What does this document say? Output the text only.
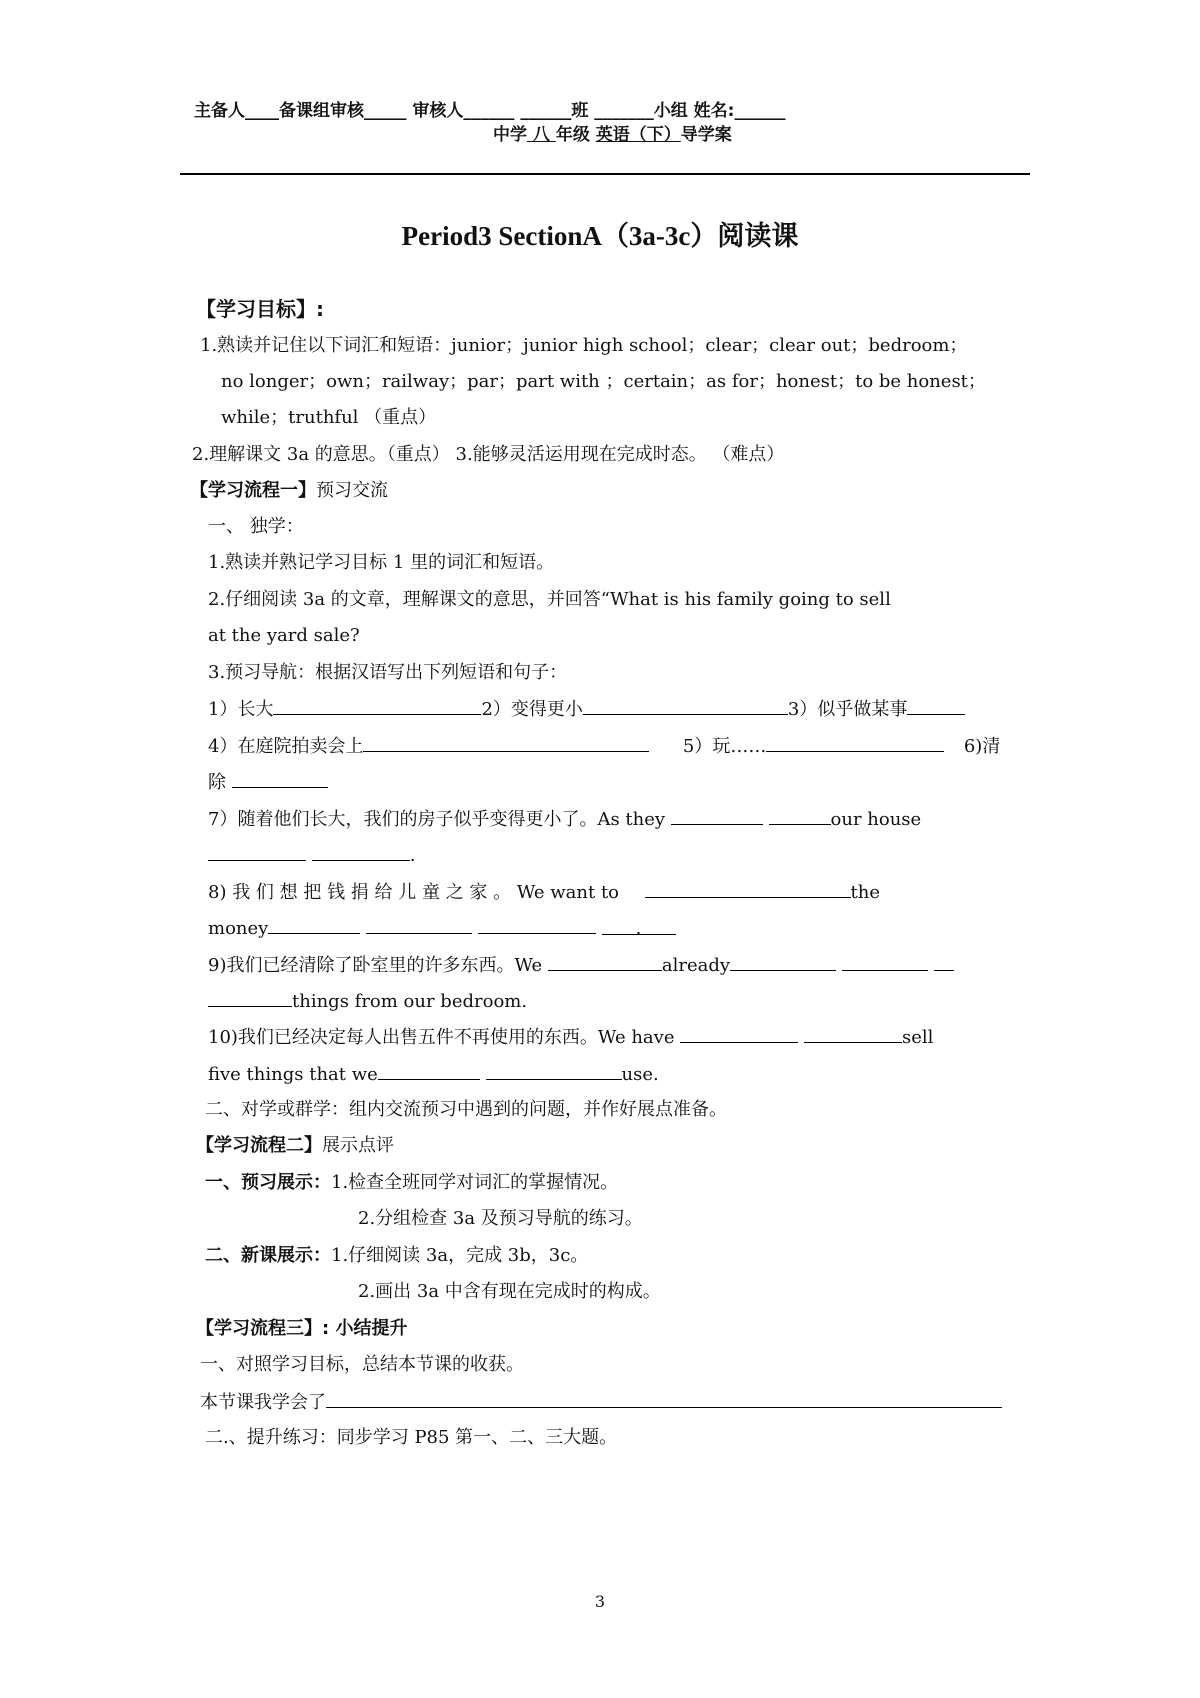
主备人____备课组审核_____ 审核人______ ______班 _______小组 姓名:______
中学 八 年级 英语（下）导学案
Period3 SectionA（3a-3c）阅读课
【学习目标】:
1.熟读并记住以下词汇和短语：junior；junior high school；clear；clear out；bedroom；
no longer；own；railway；par；part with ；certain；as for；honest；to be honest；
while；truthful （重点）
2.理解课文 3a 的意思。（重点） 3.能够灵活运用现在完成时态。 （难点）
【学习流程一】预习交流
一、 独学：
1.熟读并熟记学习目标 1 里的词汇和短语。
2.仔细阅读 3a 的文章，理解课文的意思，并回答“What is his family going to sell
at the yard sale?
3.预习导航：根据汉语写出下列短语和句子：
1）长大	2）变得更小	3）似乎做某事
4）在庭院拍卖会上	5）玩……	6)清
除
7）随着他们长大，我们的房子似乎变得更小了。As they	our house
.
8) 我 们 想 把 钱 捐 给 儿 童 之 家 。 We want to	the
money	.
9)我们已经清除了卧室里的许多东西。We	already
things from our bedroom.
10)我们已经决定每人出售五件不再使用的东西。We have	sell
five things that we	use.
二、对学或群学：组内交流预习中遇到的问题，并作好展点准备。
【学习流程二】展示点评
一、预习展示：1.检查全班同学对词汇的掌握情况。
2.分组检查 3a 及预习导航的练习。
二、新课展示：1.仔细阅读 3a，完成 3b，3c。
2.画出 3a 中含有现在完成时的构成。
【学习流程三】: 小结提升
一、对照学习目标，总结本节课的收获。
本节课我学会了
二.、提升练习：同步学习 P85 第一、二、三大题。
3
